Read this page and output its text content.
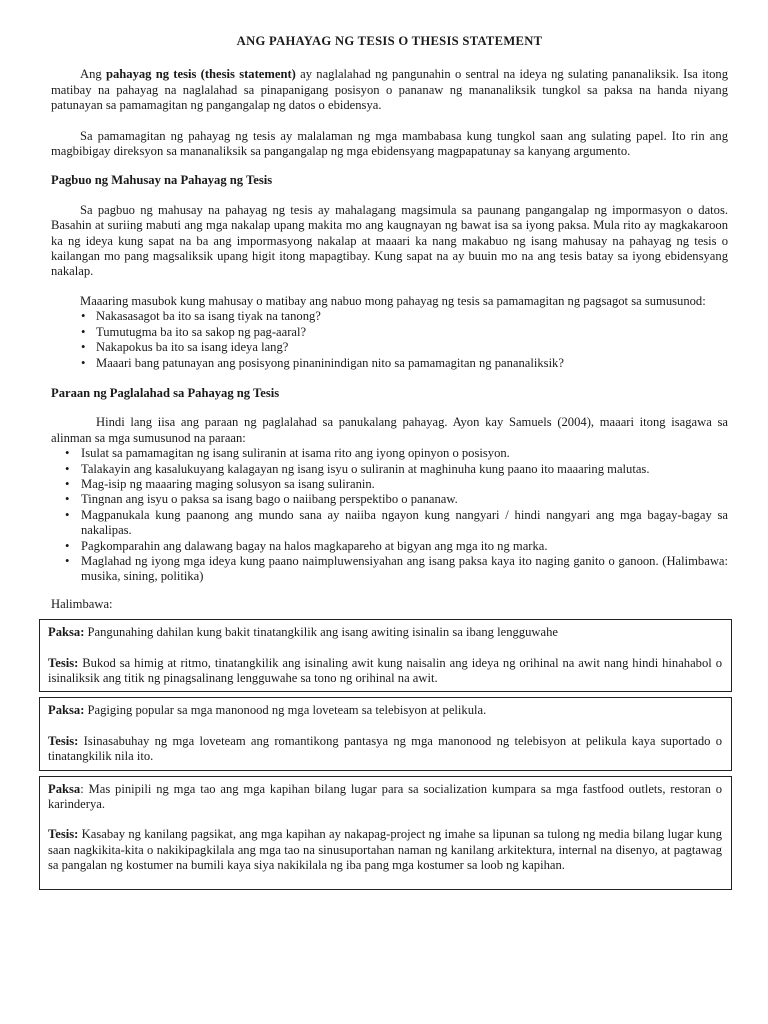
ANG PAHAYAG NG TESIS O THESIS STATEMENT

Ang pahayag ng tesis (thesis statement) ay naglalahad ng pangunahin o sentral na ideya ng sulating pananaliksik. Isa itong matibay na pahayag na naglalahad sa pinapanigang posisyon o pananaw ng mananaliksik tungkol sa paksa na handa niyang patunayan sa pamamagitan ng pangangalap ng datos o ebidensya.

Sa pamamagitan ng pahayag ng tesis ay malalaman ng mga mambabasa kung tungkol saan ang sulating papel. Ito rin ang magbibigay direksyon sa mananaliksik sa pangangalap ng mga ebidensyang magpapatunay sa kanyang argumento.

Pagbuo ng Mahusay na Pahayag ng Tesis

Sa pagbuo ng mahusay na pahayag ng tesis ay mahalagang magsimula sa paunang pangangalap ng impormasyon o datos. Basahin at suriing mabuti ang mga nakalap upang makita mo ang kaugnayan ng bawat isa sa iyong paksa. Mula rito ay magkakaroon ka ng ideya kung sapat na ba ang impormasyong nakalap at maaari ka nang makabuo ng isang mahusay na pahayag ng tesis o kailangan mo pang magsaliksik upang higit itong mapagtibay. Kung sapat na ay buuin mo na ang tesis batay sa iyong ebidensyang nakalap.

Maaaring masubok kung mahusay o matibay ang nabuo mong pahayag ng tesis sa pamamagitan ng pagsagot sa sumusunod:

• Nakasasagot ba ito sa isang tiyak na tanong?
• Tumutugma ba ito sa sakop ng pag-aaral?
• Nakapokus ba ito sa isang ideya lang?
• Maaari bang patunayan ang posisyong pinaninindigan nito sa pamamagitan ng pananaliksik?

Paraan ng Paglalahad sa Pahayag ng Tesis

Hindi lang iisa ang paraan ng paglalahad sa panukalang pahayag. Ayon kay Samuels (2004), maaari itong isagawa sa alinman sa mga sumusunod na paraan:

• Isulat sa pamamagitan ng isang suliranin at isama rito ang iyong opinyon o posisyon.
• Talakayin ang kasalukuyang kalagayan ng isang isyu o suliranin at maghinuha kung paano ito maaaring malutas.
• Mag-isip ng maaaring maging solusyon sa isang suliranin.
• Tingnan ang isyu o paksa sa isang bago o naiibang perspektibo o pananaw.
• Magpanukala kung paanong ang mundo sana ay naiiba ngayon kung nangyari / hindi nangyari ang mga bagay-bagay sa nakalipas.
• Pagkomparahin ang dalawang bagay na halos magkapareho at bigyan ang mga ito ng marka.
• Maglahad ng iyong mga ideya kung paano naimpluwensiyahan ang isang paksa kaya ito naging ganito o ganoon. (Halimbawa: musika, sining, politika)

Halimbawa:

Paksa: Pangunahing dahilan kung bakit tinatangkilik ang isang awiting isinalin sa ibang lengguwahe

Tesis: Bukod sa himig at ritmo, tinatangkilik ang isinaling awit kung naisalin ang ideya ng orihinal na awit nang hindi hinahabol o isinaliksik ang titik ng pinagsalinang lengguwahe sa tono ng orihinal na awit.

Paksa: Pagiging popular sa mga manonood ng mga loveteam sa telebisyon at pelikula.

Tesis: Isinasabuhay ng mga loveteam ang romantikong pantasya ng mga manonood ng telebisyon at pelikula kaya suportado o tinatangkilik nila ito.

Paksa: Mas pinipili ng mga tao ang mga kapihan bilang lugar para sa socialization kumpara sa mga fastfood outlets, restoran o karinderya.

Tesis: Kasabay ng kanilang pagsikat, ang mga kapihan ay nakapag-project ng imahe sa lipunan sa tulong ng media bilang lugar kung saan nagkikita-kita o nakikipagkilala ang mga tao na sinusuportahan naman ng kanilang arkitektura, internal na disenyo, at pagtawag sa pangalan ng kostumer na bumili kaya siya nakikilala ng iba pang mga kostumer sa loob ng kapihan.
